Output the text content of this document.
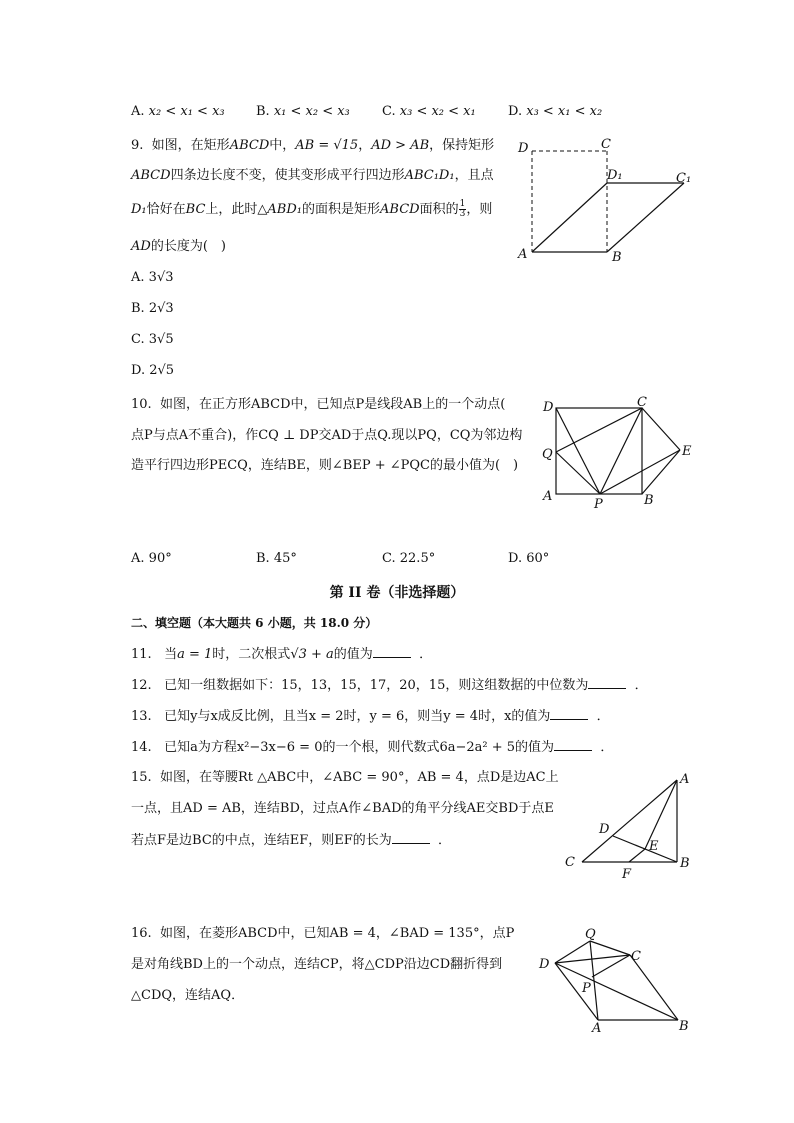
A. x₂ < x₁ < x₃ B. x₁ < x₂ < x₃ C. x₃ < x₂ < x₁ D. x₃ < x₁ < x₂
9. 如图，在矩形ABCD中，AB = √15，AD > AB，保持矩形
ABCD四条边长度不变，使其变形成平行四边形ABC₁D₁，且点
D₁恰好在BC上，此时△ABD₁的面积是矩形ABCD面积的 $\frac{1}{3}$ ，则
AD的长度为(　)
A. 3√3
B. 2√3
C. 3√5
D. 2√5
D	C
D₁	C₁
A	B
10. 如图，在正方形ABCD中，已知点P是线段AB上的一个动点(
点P与点A不重合)，作CQ ⊥ DP交AD于点Q.现以PQ，CQ为邻边构
造平行四边形PECQ，连结BE，则∠BEP + ∠PQC的最小值为(　)
D	C
Q	E
A
P	B
A. 90°	B. 45°	C. 22.5°	D. 60°
第 II 卷（非选择题）
二、填空题（本大题共 6 小题，共 18.0 分）
11. 当a = 1时，二次根式√3 + a的值为	．
12. 已知一组数据如下：15，13，15，17，20，15，则这组数据的中位数为	．
13. 已知y与x成反比例，且当x = 2时，y = 6，则当y = 4时，x的值为	．
14. 已知a为方程x²−3x−6 = 0的一个根，则代数式6a−2a² + 5的值为	．
15. 如图，在等腰Rt △ABC中，∠ABC = 90°，AB = 4，点D是边AC上
一点，且AD = AB，连结BD，过点A作∠BAD的角平分线AE交BD于点E
若点F是边BC的中点，连结EF，则EF的长为	．
A
D
E
C
F
B
16. 如图，在菱形ABCD中，已知AB = 4，∠BAD = 135°，点P
是对角线BD上的一个动点，连结CP，将△CDP沿边CD翻折得到
△CDQ，连结AQ．
Q
C
D
P
A	B
